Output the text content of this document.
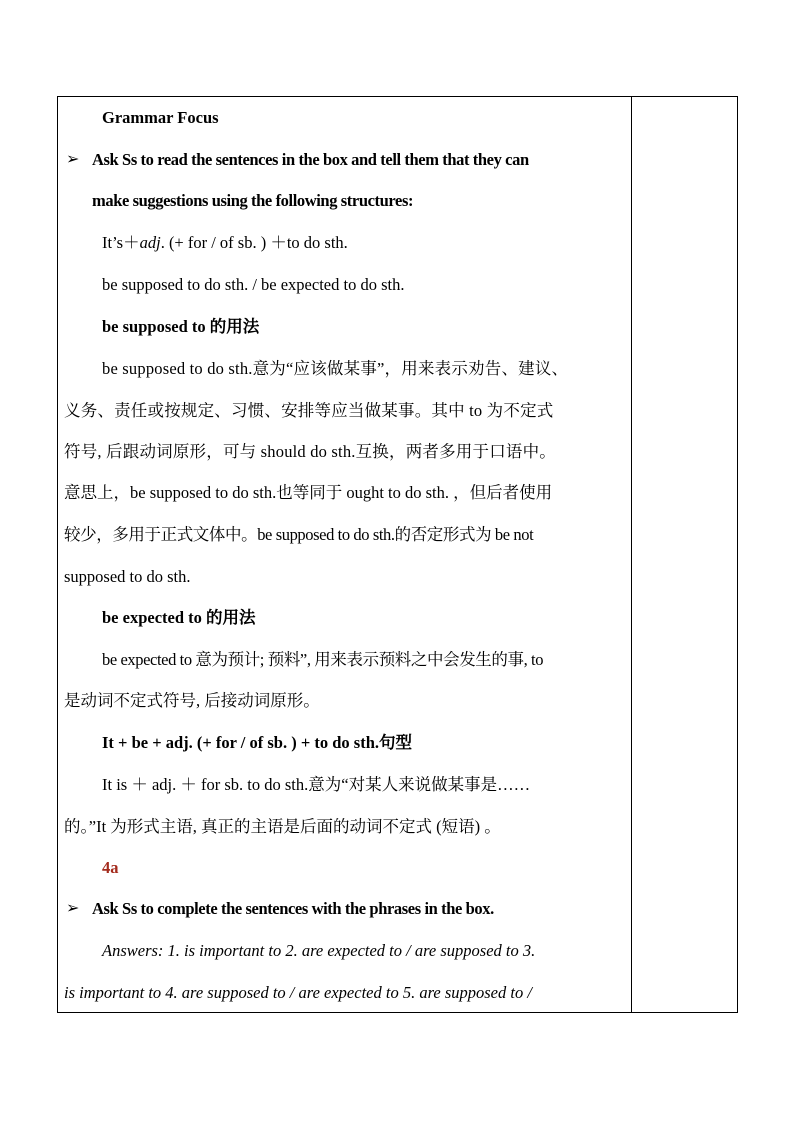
Grammar Focus
➢ Ask Ss to read the sentences in the box and tell them that they can
make suggestions using the following structures:
It’s＋adj. (+ for / of sb. ) ＋to do sth.
be supposed to do sth. / be expected to do sth.
be supposed to 的用法
be supposed to do sth.意为“应该做某事”，用来表示劝告、建议、
义务、责任或按规定、习惯、安排等应当做某事。其中 to 为不定式
符号, 后跟动词原形，可与 should do sth.互换，两者多用于口语中。
意思上，be supposed to do sth.也等同于 ought to do sth. ，但后者使用
较少，多用于正式文体中。be supposed to do sth.的否定形式为 be not
supposed to do sth.
be expected to 的用法
be expected to 意为预计; 预料”, 用来表示预料之中会发生的事, to
是动词不定式符号, 后接动词原形。
It + be + adj. (+ for / of sb. ) + to do sth.句型
It is ＋ adj. ＋ for sb. to do sth.意为“对某人来说做某事是……
的。”It 为形式主语, 真正的主语是后面的动词不定式 (短语) 。
4a
➢ Ask Ss to complete the sentences with the phrases in the box.
Answers: 1. is important to 2. are expected to / are supposed to 3.
is important to 4. are supposed to / are expected to 5. are supposed to /
